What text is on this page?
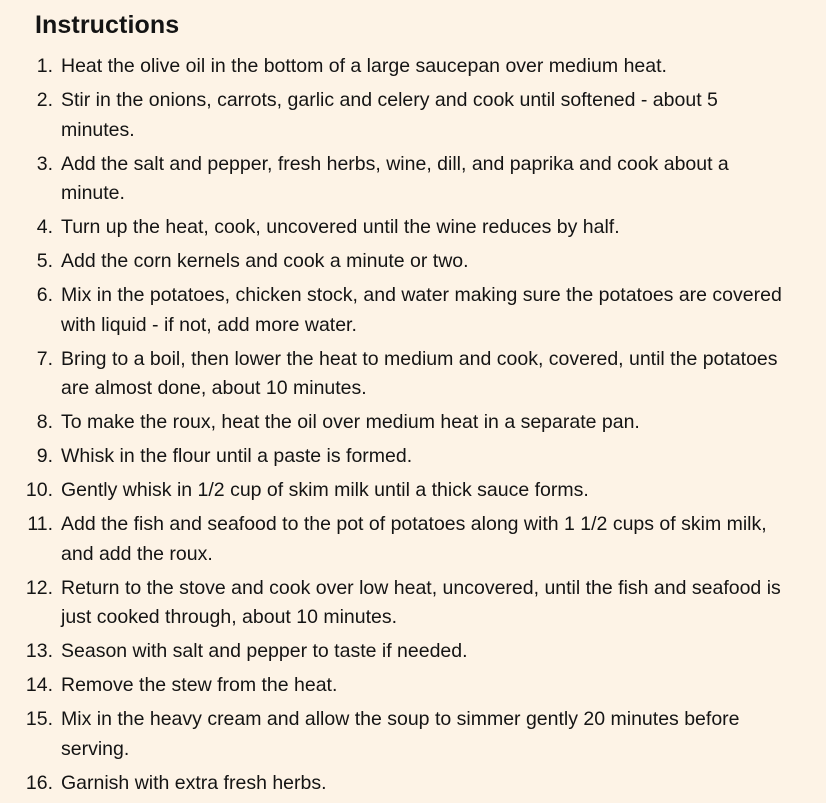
Instructions
1. Heat the olive oil in the bottom of a large saucepan over medium heat.
2. Stir in the onions, carrots, garlic and celery and cook until softened - about 5 minutes.
3. Add the salt and pepper, fresh herbs, wine, dill, and paprika and cook about a minute.
4. Turn up the heat, cook, uncovered until the wine reduces by half.
5. Add the corn kernels and cook a minute or two.
6. Mix in the potatoes, chicken stock, and water making sure the potatoes are covered with liquid - if not, add more water.
7. Bring to a boil, then lower the heat to medium and cook, covered, until the potatoes are almost done, about 10 minutes.
8. To make the roux, heat the oil over medium heat in a separate pan.
9. Whisk in the flour until a paste is formed.
10. Gently whisk in 1/2 cup of skim milk until a thick sauce forms.
11. Add the fish and seafood to the pot of potatoes along with 1 1/2 cups of skim milk, and add the roux.
12. Return to the stove and cook over low heat, uncovered, until the fish and seafood is just cooked through, about 10 minutes.
13. Season with salt and pepper to taste if needed.
14. Remove the stew from the heat.
15. Mix in the heavy cream and allow the soup to simmer gently 20 minutes before serving.
16. Garnish with extra fresh herbs.
